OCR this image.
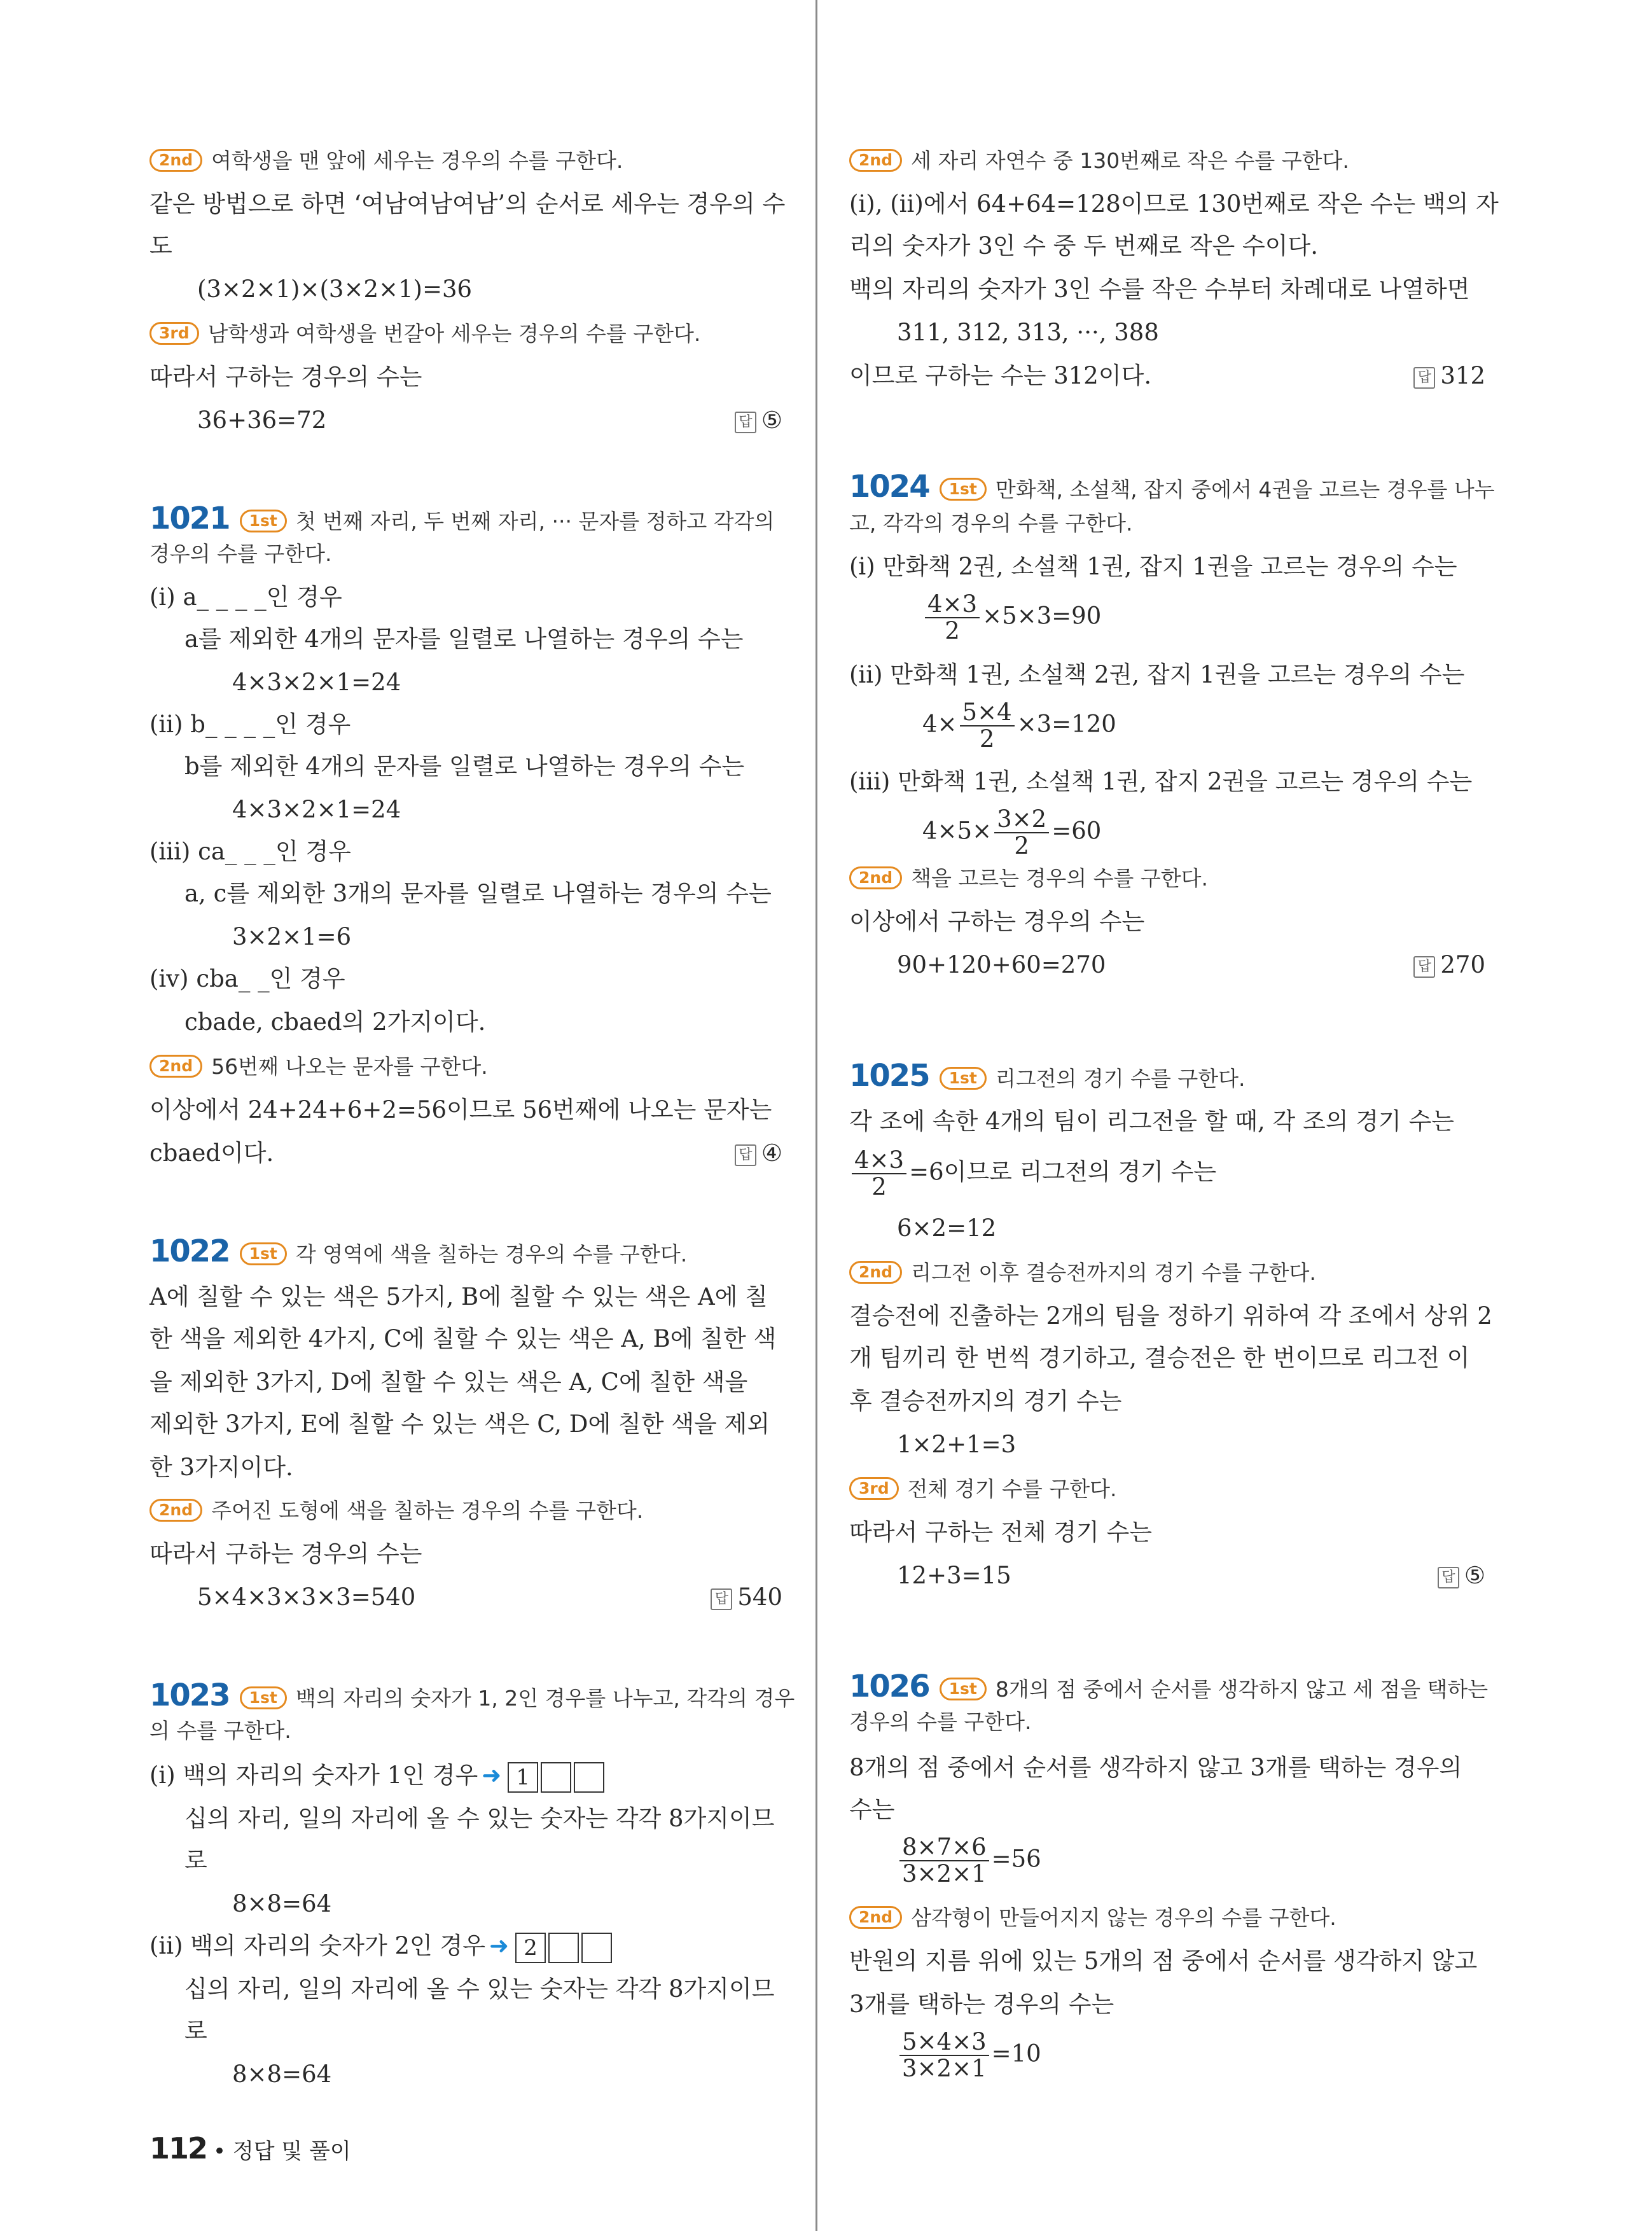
2nd 여학생을 맨 앞에 세우는 경우의 수를 구한다.
같은 방법으로 하면 ‘여남여남여남’의 순서로 세우는 경우의 수
도
(3×2×1)×(3×2×1)=36
3rd 남학생과 여학생을 번갈아 세우는 경우의 수를 구한다.
따라서 구하는 경우의 수는
36+36=72	답 ⑤
1021 1st 첫 번째 자리, 두 번째 자리, ··· 문자를 정하고 각각의
경우의 수를 구한다.
(ⅰ) a_ _ _ _인 경우
a를 제외한 4개의 문자를 일렬로 나열하는 경우의 수는
4×3×2×1=24
(ⅱ) b_ _ _ _인 경우
b를 제외한 4개의 문자를 일렬로 나열하는 경우의 수는
4×3×2×1=24
(ⅲ) ca_ _ _인 경우
a, c를 제외한 3개의 문자를 일렬로 나열하는 경우의 수는
3×2×1=6
(ⅳ) cba_ _인 경우
cbade, cbaed의 2가지이다.
2nd 56번째 나오는 문자를 구한다.
이상에서 24+24+6+2=56이므로 56번째에 나오는 문자는
cbaed이다.	답 ④
1022 1st 각 영역에 색을 칠하는 경우의 수를 구한다.
A에 칠할 수 있는 색은 5가지, B에 칠할 수 있는 색은 A에 칠
한 색을 제외한 4가지, C에 칠할 수 있는 색은 A, B에 칠한 색
을 제외한 3가지, D에 칠할 수 있는 색은 A, C에 칠한 색을
제외한 3가지, E에 칠할 수 있는 색은 C, D에 칠한 색을 제외
한 3가지이다.
2nd 주어진 도형에 색을 칠하는 경우의 수를 구한다.
따라서 구하는 경우의 수는
5×4×3×3×3=540	답 540
1023 1st 백의 자리의 숫자가 1, 2인 경우를 나누고, 각각의 경우
의 수를 구한다.
(ⅰ) 백의 자리의 숫자가 1인 경우 ➜ 1
십의 자리, 일의 자리에 올 수 있는 숫자는 각각 8가지이므
로
8×8=64
(ⅱ) 백의 자리의 숫자가 2인 경우 ➜ 2
십의 자리, 일의 자리에 올 수 있는 숫자는 각각 8가지이므
로
8×8=64
2nd 세 자리 자연수 중 130번째로 작은 수를 구한다.
(ⅰ), (ⅱ)에서 64+64=128이므로 130번째로 작은 수는 백의 자
리의 숫자가 3인 수 중 두 번째로 작은 수이다.
백의 자리의 숫자가 3인 수를 작은 수부터 차례대로 나열하면
311, 312, 313, ···, 388
이므로 구하는 수는 312이다.	답 312
1024 1st 만화책, 소설책, 잡지 중에서 4권을 고르는 경우를 나누
고, 각각의 경우의 수를 구한다.
(ⅰ) 만화책 2권, 소설책 1권, 잡지 1권을 고르는 경우의 수는
$\frac{4\times 3}{2} \times 5\times 3=90$
(ⅱ) 만화책 1권, 소설책 2권, 잡지 1권을 고르는 경우의 수는
$4\times \frac{5\times 4}{2} \times 3=120$
(ⅲ) 만화책 1권, 소설책 1권, 잡지 2권을 고르는 경우의 수는
$4\times 5\times \frac{3\times 2}{2} =60$
2nd 책을 고르는 경우의 수를 구한다.
이상에서 구하는 경우의 수는
90+120+60=270	답 270
1025 1st 리그전의 경기 수를 구한다.
각 조에 속한 4개의 팀이 리그전을 할 때, 각 조의 경기 수는
$\frac{4\times 3}{2} =6$이므로 리그전의 경기 수는
6×2=12
2nd 리그전 이후 결승전까지의 경기 수를 구한다.
결승전에 진출하는 2개의 팀을 정하기 위하여 각 조에서 상위 2
개 팀끼리 한 번씩 경기하고, 결승전은 한 번이므로 리그전 이
후 결승전까지의 경기 수는
1×2+1=3
3rd 전체 경기 수를 구한다.
따라서 구하는 전체 경기 수는
12+3=15	답 ⑤
1026 1st 8개의 점 중에서 순서를 생각하지 않고 세 점을 택하는
경우의 수를 구한다.
8개의 점 중에서 순서를 생각하지 않고 3개를 택하는 경우의
수는
$\frac{8\times 7\times 6}{3\times 2\times 1} =56$
2nd 삼각형이 만들어지지 않는 경우의 수를 구한다.
반원의 지름 위에 있는 5개의 점 중에서 순서를 생각하지 않고
3개를 택하는 경우의 수는
$\frac{5\times 4\times 3}{3\times 2\times 1} =10$
112 • 정답 및 풀이
